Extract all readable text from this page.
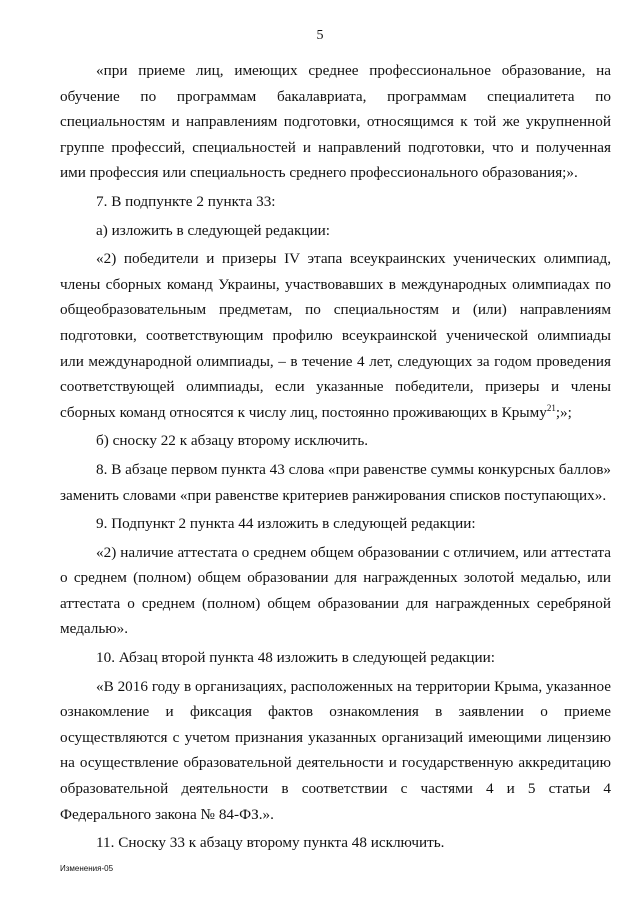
5

«при приеме лиц, имеющих среднее профессиональное образование, на обучение по программам бакалавриата, программам специалитета по специальностям и направлениям подготовки, относящимся к той же укрупненной группе профессий, специальностей и направлений подготовки, что и полученная ими профессия или специальность среднего профессионального образования;».

7. В подпункте 2 пункта 33:

а) изложить в следующей редакции:

«2) победители и призеры IV этапа всеукраинских ученических олимпиад, члены сборных команд Украины, участвовавших в международных олимпиадах по общеобразовательным предметам, по специальностям и (или) направлениям подготовки, соответствующим профилю всеукраинской ученической олимпиады или международной олимпиады, – в течение 4 лет, следующих за годом проведения соответствующей олимпиады, если указанные победители, призеры и члены сборных команд относятся к числу лиц, постоянно проживающих в Крыму$^{21}$;»;

б) сноску 22 к абзацу второму исключить.

8. В абзаце первом пункта 43 слова «при равенстве суммы конкурсных баллов» заменить словами «при равенстве критериев ранжирования списков поступающих».

9. Подпункт 2 пункта 44 изложить в следующей редакции:

«2) наличие аттестата о среднем общем образовании с отличием, или аттестата о среднем (полном) общем образовании для награжденных золотой медалью, или аттестата о среднем (полном) общем образовании для награжденных серебряной медалью».

10. Абзац второй пункта 48 изложить в следующей редакции:

«В 2016 году в организациях, расположенных на территории Крыма, указанное ознакомление и фиксация фактов ознакомления в заявлении о приеме осуществляются с учетом признания указанных организаций имеющими лицензию на осуществление образовательной деятельности и государственную аккредитацию образовательной деятельности в соответствии с частями 4 и 5 статьи 4 Федерального закона № 84-ФЗ.».

11. Сноску 33 к абзацу второму пункта 48 исключить.

Изменения-05
